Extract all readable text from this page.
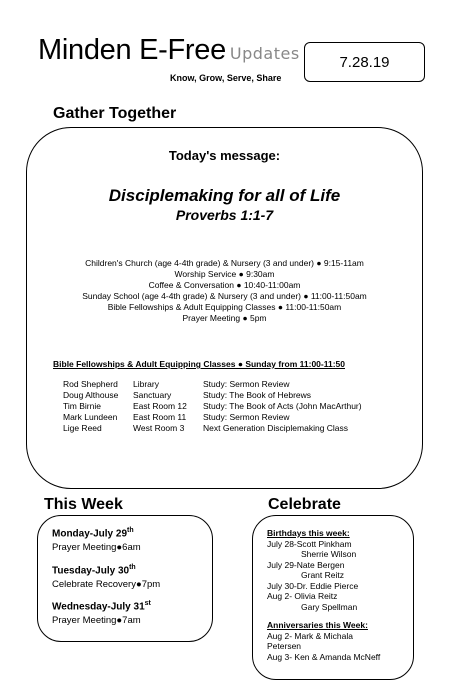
Minden E-Free Updates
Know, Grow, Serve, Share
7.28.19
Gather Together
Today's message:
Disciplemaking for all of Life
Proverbs 1:1-7
Children's Church (age 4-4th grade) & Nursery (3 and under) ● 9:15-11am
Worship Service ● 9:30am
Coffee & Conversation ● 10:40-11:00am
Sunday School (age 4-4th grade) & Nursery (3 and under) ● 11:00-11:50am
Bible Fellowships & Adult Equipping Classes ● 11:00-11:50am
Prayer Meeting ● 5pm
Bible Fellowships & Adult Equipping Classes ● Sunday from 11:00-11:50
Rod Shepherd	Library	Study: Sermon Review
Doug Althouse	Sanctuary	Study: The Book of Hebrews
Tim Birnie	East Room 12	Study: The Book of Acts (John MacArthur)
Mark Lundeen	East Room 11	Study: Sermon Review
Lige Reed	West Room 3	Next Generation Disciplemaking Class
This Week
Monday-July 29th
Prayer Meeting●6am
Tuesday-July 30th
Celebrate Recovery●7pm
Wednesday-July 31st
Prayer Meeting●7am
Celebrate
Birthdays this week:
July 28-Scott Pinkham
Sherrie Wilson
July 29-Nate Bergen
Grant Reitz
July 30-Dr. Eddie Pierce
Aug 2- Olivia Reitz
Gary Spellman
Anniversaries this Week:
Aug 2- Mark & Michala
Petersen
Aug 3- Ken & Amanda McNeff
